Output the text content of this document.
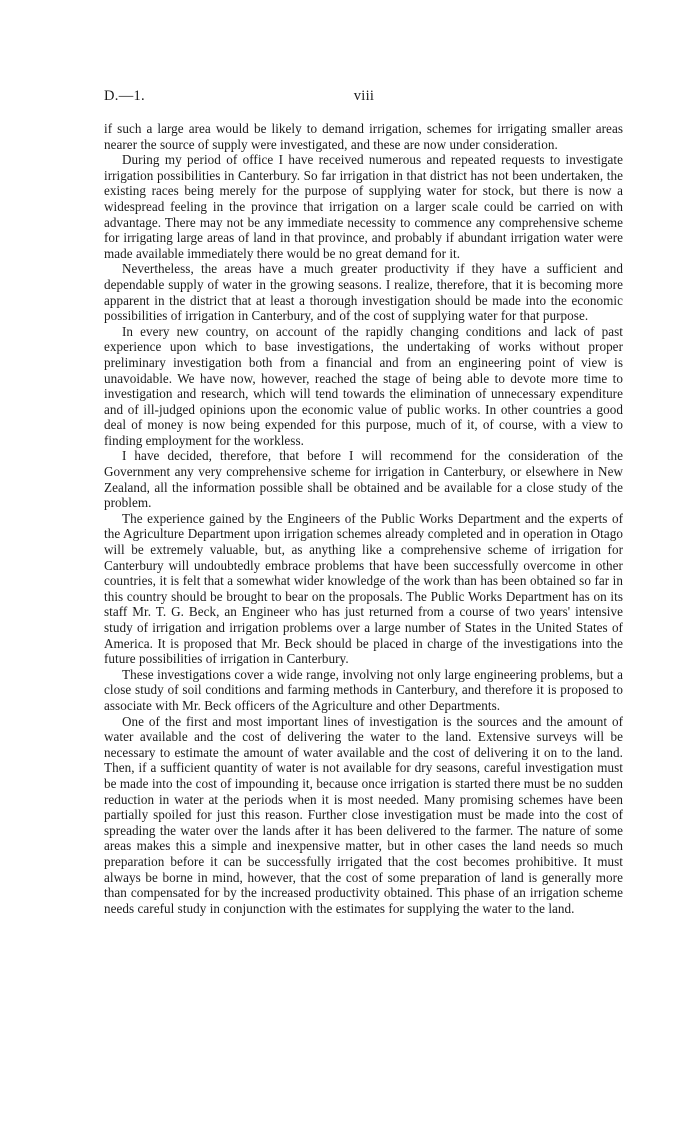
D.—1.	viii

if such a large area would be likely to demand irrigation, schemes for irrigating smaller areas nearer the source of supply were investigated, and these are now under consideration.

During my period of office I have received numerous and repeated requests to investigate irrigation possibilities in Canterbury. So far irrigation in that district has not been undertaken, the existing races being merely for the purpose of supplying water for stock, but there is now a widespread feeling in the province that irrigation on a larger scale could be carried on with advantage. There may not be any immediate necessity to commence any comprehensive scheme for irrigating large areas of land in that province, and probably if abundant irrigation water were made available immediately there would be no great demand for it.

Nevertheless, the areas have a much greater productivity if they have a sufficient and dependable supply of water in the growing seasons. I realize, therefore, that it is becoming more apparent in the district that at least a thorough investigation should be made into the economic possibilities of irrigation in Canterbury, and of the cost of supplying water for that purpose.

In every new country, on account of the rapidly changing conditions and lack of past experience upon which to base investigations, the undertaking of works without proper preliminary investigation both from a financial and from an engineering point of view is unavoidable. We have now, however, reached the stage of being able to devote more time to investigation and research, which will tend towards the elimination of unnecessary expenditure and of ill-judged opinions upon the economic value of public works. In other countries a good deal of money is now being expended for this purpose, much of it, of course, with a view to finding employment for the workless.

I have decided, therefore, that before I will recommend for the consideration of the Government any very comprehensive scheme for irrigation in Canterbury, or elsewhere in New Zealand, all the information possible shall be obtained and be available for a close study of the problem.

The experience gained by the Engineers of the Public Works Department and the experts of the Agriculture Department upon irrigation schemes already completed and in operation in Otago will be extremely valuable, but, as anything like a comprehensive scheme of irrigation for Canterbury will undoubtedly embrace problems that have been successfully overcome in other countries, it is felt that a somewhat wider knowledge of the work than has been obtained so far in this country should be brought to bear on the proposals. The Public Works Department has on its staff Mr. T. G. Beck, an Engineer who has just returned from a course of two years' intensive study of irrigation and irrigation problems over a large number of States in the United States of America. It is proposed that Mr. Beck should be placed in charge of the investigations into the future possibilities of irrigation in Canterbury.

These investigations cover a wide range, involving not only large engineering problems, but a close study of soil conditions and farming methods in Canterbury, and therefore it is proposed to associate with Mr. Beck officers of the Agriculture and other Departments.

One of the first and most important lines of investigation is the sources and the amount of water available and the cost of delivering the water to the land. Extensive surveys will be necessary to estimate the amount of water available and the cost of delivering it on to the land. Then, if a sufficient quantity of water is not available for dry seasons, careful investigation must be made into the cost of impounding it, because once irrigation is started there must be no sudden reduction in water at the periods when it is most needed. Many promising schemes have been partially spoiled for just this reason. Further close investigation must be made into the cost of spreading the water over the lands after it has been delivered to the farmer. The nature of some areas makes this a simple and inexpensive matter, but in other cases the land needs so much preparation before it can be successfully irrigated that the cost becomes prohibitive. It must always be borne in mind, however, that the cost of some preparation of land is generally more than compensated for by the increased productivity obtained. This phase of an irrigation scheme needs careful study in conjunction with the estimates for supplying the water to the land.
